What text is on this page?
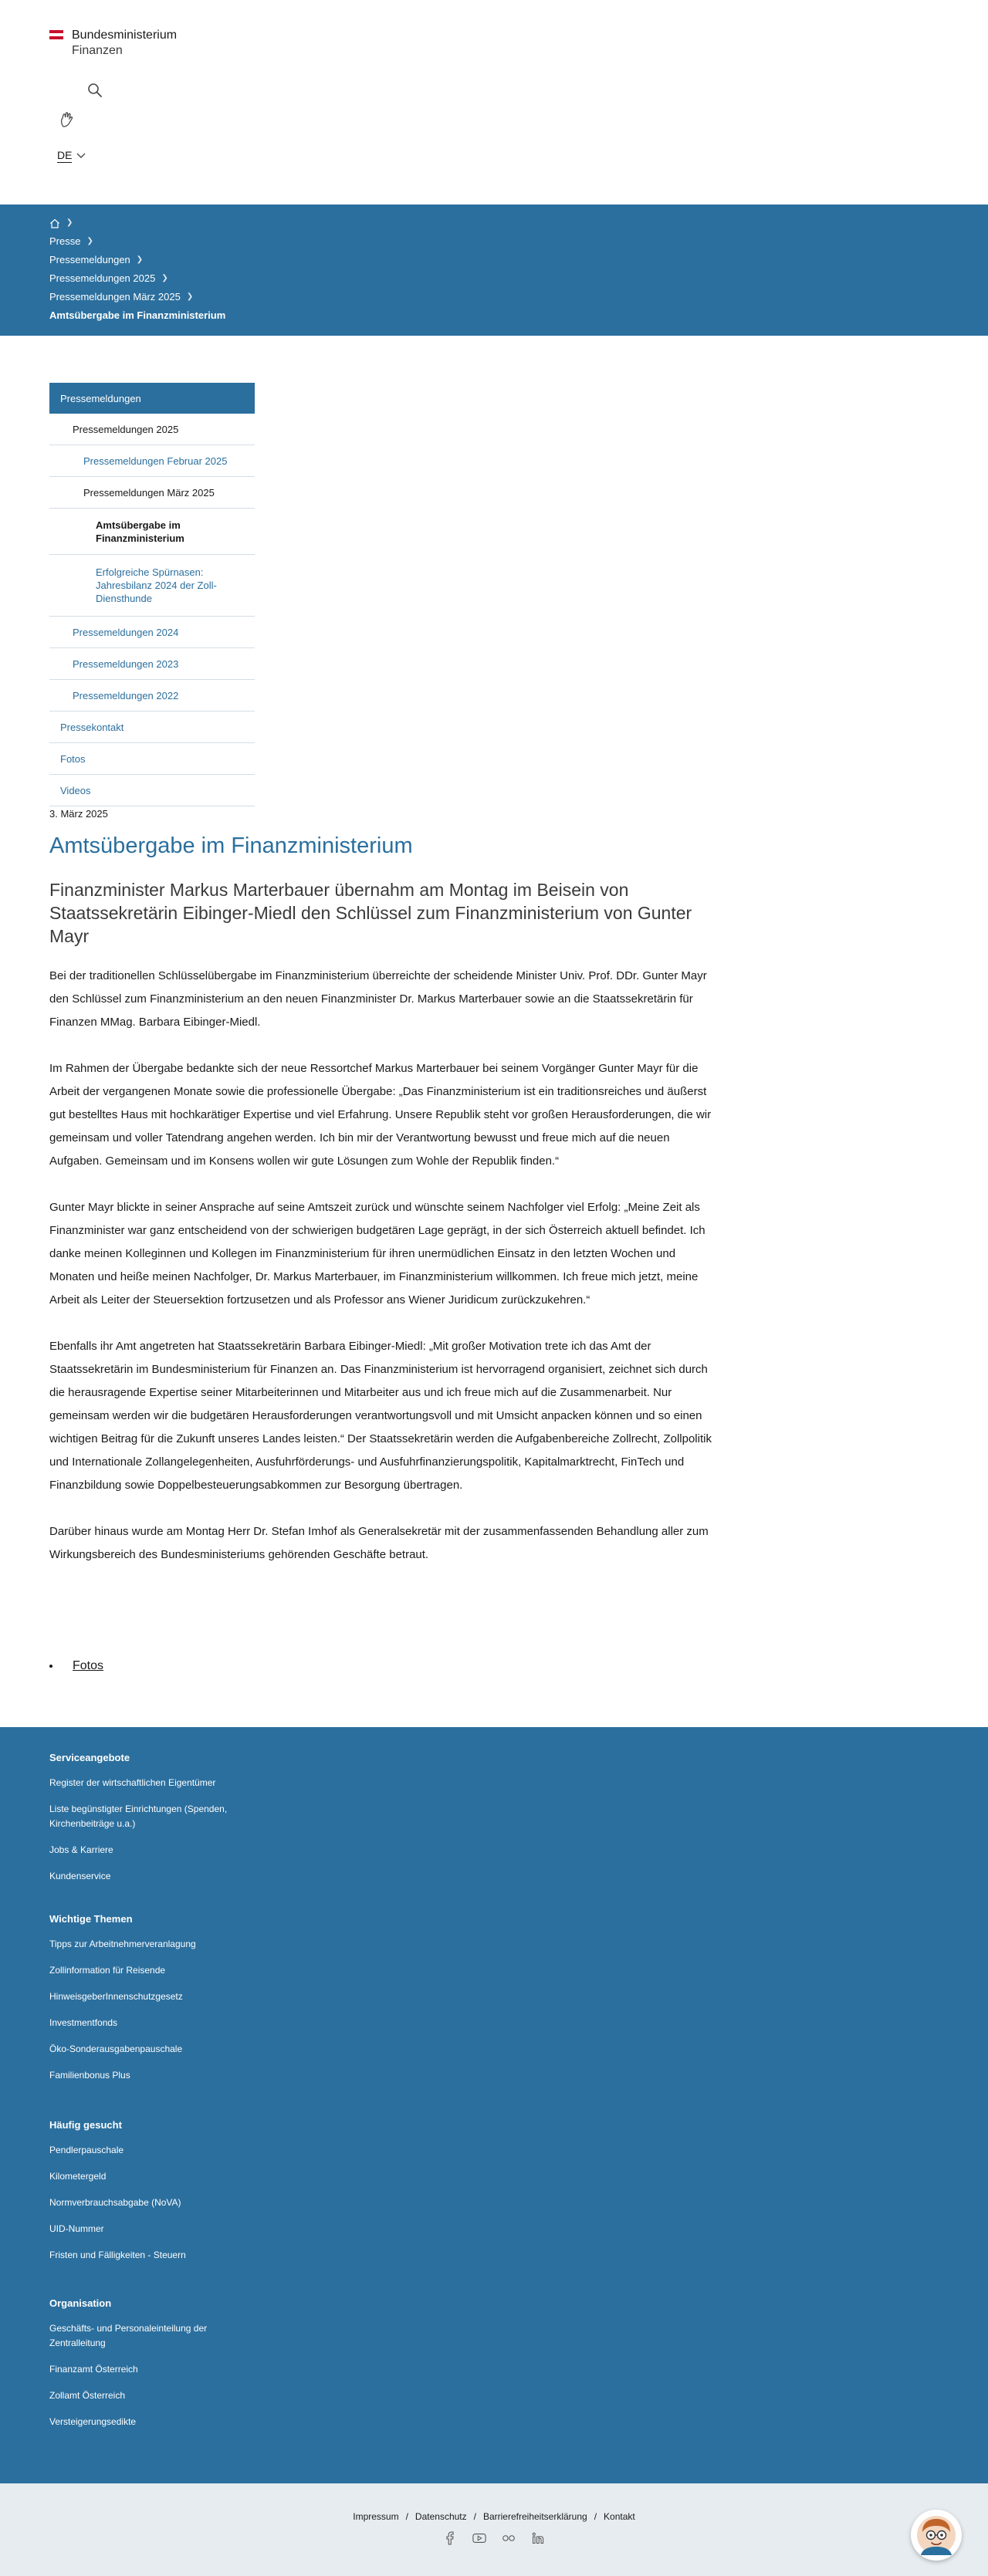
Bundesministerium
Finanzen
DE
❯
Presse ❯
Pressemeldungen ❯
Pressemeldungen 2025 ❯
Pressemeldungen März 2025 ❯
Amtsübergabe im Finanzministerium
Pressemeldungen
Pressemeldungen 2025
Pressemeldungen Februar 2025
Pressemeldungen März 2025
Amtsübergabe im Finanzministerium
Erfolgreiche Spürnasen: Jahresbilanz 2024 der Zoll-Diensthunde
Pressemeldungen 2024
Pressemeldungen 2023
Pressemeldungen 2022
Pressekontakt
Fotos
Videos
3. März 2025
Amtsübergabe im Finanzministerium
Finanzminister Markus Marterbauer übernahm am Montag im Beisein von Staatssekretärin Eibinger-Miedl den Schlüssel zum Finanzministerium von Gunter Mayr

Bei der traditionellen Schlüsselübergabe im Finanzministerium überreichte der scheidende Minister Univ. Prof. DDr. Gunter Mayr den Schlüssel zum Finanzministerium an den neuen Finanzminister Dr. Markus Marterbauer sowie an die Staatssekretärin für Finanzen MMag. Barbara Eibinger-Miedl.

Im Rahmen der Übergabe bedankte sich der neue Ressortchef Markus Marterbauer bei seinem Vorgänger Gunter Mayr für die Arbeit der vergangenen Monate sowie die professionelle Übergabe: „Das Finanzministerium ist ein traditionsreiches und äußerst gut bestelltes Haus mit hochkarätiger Expertise und viel Erfahrung. Unsere Republik steht vor großen Herausforderungen, die wir gemeinsam und voller Tatendrang angehen werden. Ich bin mir der Verantwortung bewusst und freue mich auf die neuen Aufgaben. Gemeinsam und im Konsens wollen wir gute Lösungen zum Wohle der Republik finden.“

Gunter Mayr blickte in seiner Ansprache auf seine Amtszeit zurück und wünschte seinem Nachfolger viel Erfolg: „Meine Zeit als Finanzminister war ganz entscheidend von der schwierigen budgetären Lage geprägt, in der sich Österreich aktuell befindet. Ich danke meinen Kolleginnen und Kollegen im Finanzministerium für ihren unermüdlichen Einsatz in den letzten Wochen und Monaten und heiße meinen Nachfolger, Dr. Markus Marterbauer, im Finanzministerium willkommen. Ich freue mich jetzt, meine Arbeit als Leiter der Steuersektion fortzusetzen und als Professor ans Wiener Juridicum zurückzukehren.“

Ebenfalls ihr Amt angetreten hat Staatssekretärin Barbara Eibinger-Miedl: „Mit großer Motivation trete ich das Amt der Staatssekretärin im Bundesministerium für Finanzen an. Das Finanzministerium ist hervorragend organisiert, zeichnet sich durch die herausragende Expertise seiner Mitarbeiterinnen und Mitarbeiter aus und ich freue mich auf die Zusammenarbeit. Nur gemeinsam werden wir die budgetären Herausforderungen verantwortungsvoll und mit Umsicht anpacken können und so einen wichtigen Beitrag für die Zukunft unseres Landes leisten.“ Der Staatssekretärin werden die Aufgabenbereiche Zollrecht, Zollpolitik und Internationale Zollangelegenheiten, Ausfuhrförderungs- und Ausfuhrfinanzierungspolitik, Kapitalmarktrecht, FinTech und Finanzbildung sowie Doppelbesteuerungsabkommen zur Besorgung übertragen.

Darüber hinaus wurde am Montag Herr Dr. Stefan Imhof als Generalsekretär mit der zusammenfassenden Behandlung aller zum Wirkungsbereich des Bundesministeriums gehörenden Geschäfte betraut.

Fotos
Serviceangebote
Register der wirtschaftlichen Eigentümer
Liste begünstigter Einrichtungen (Spenden, Kirchenbeiträge u.a.)
Jobs & Karriere
Kundenservice
Wichtige Themen
Tipps zur Arbeitnehmerveranlagung
Zollinformation für Reisende
HinweisgeberInnenschutzgesetz
Investmentfonds
Öko-Sonderausgabenpauschale
Familienbonus Plus
Häufig gesucht
Pendlerpauschale
Kilometergeld
Normverbrauchsabgabe (NoVA)
UID-Nummer
Fristen und Fälligkeiten - Steuern
Organisation
Geschäfts- und Personaleinteilung der Zentralleitung
Finanzamt Österreich
Zollamt Österreich
Versteigerungsedikte
Impressum / Datenschutz / Barrierefreiheitserklärung / Kontakt
